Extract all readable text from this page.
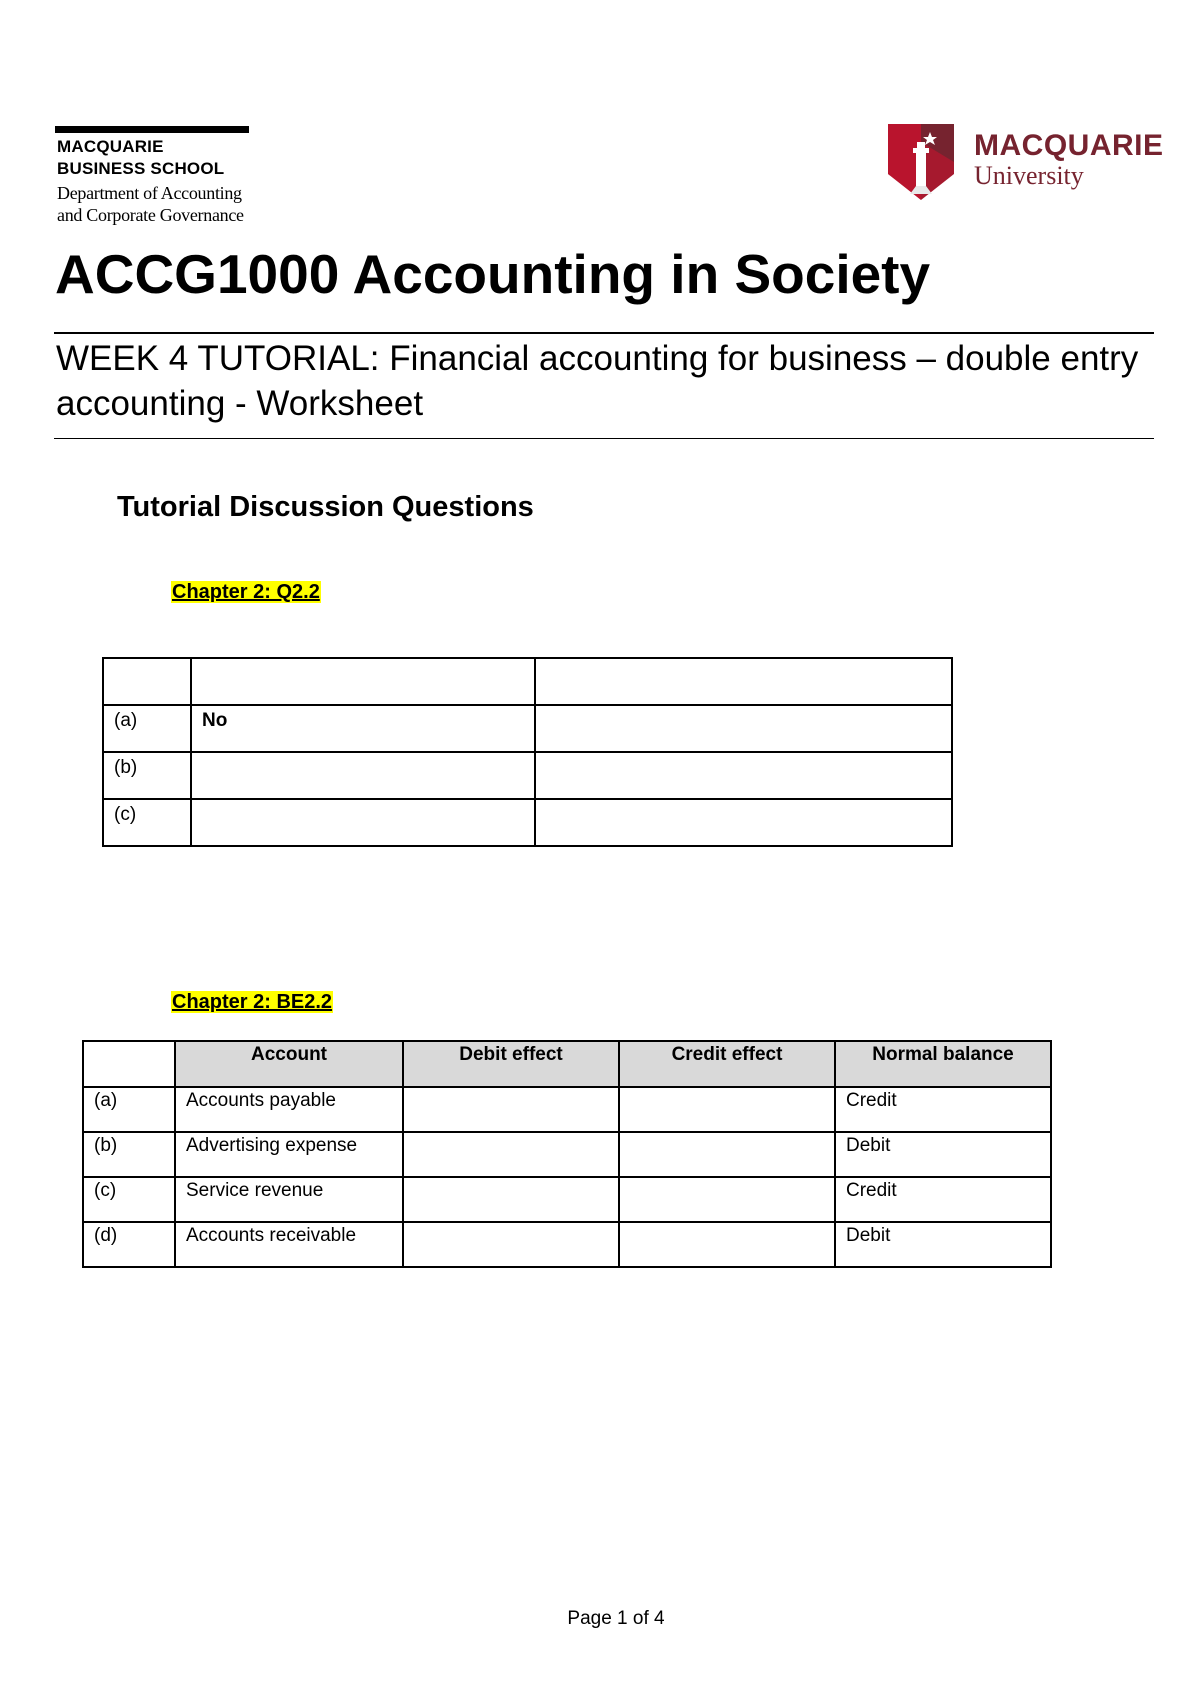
MACQUARIE
BUSINESS SCHOOL
Department of Accounting
and Corporate Governance
MACQUARIE
University
ACCG1000 Accounting in Society
WEEK 4 TUTORIAL: Financial accounting for business – double entry accounting - Worksheet
Tutorial Discussion Questions
Chapter 2: Q2.2

(a)	No	
(b)		
(c)		
Chapter 2: BE2.2
	Account	Debit effect	Credit effect	Normal balance
(a)	Accounts payable			Credit
(b)	Advertising expense			Debit
(c)	Service revenue			Credit
(d)	Accounts receivable			Debit
Page 1 of 4
